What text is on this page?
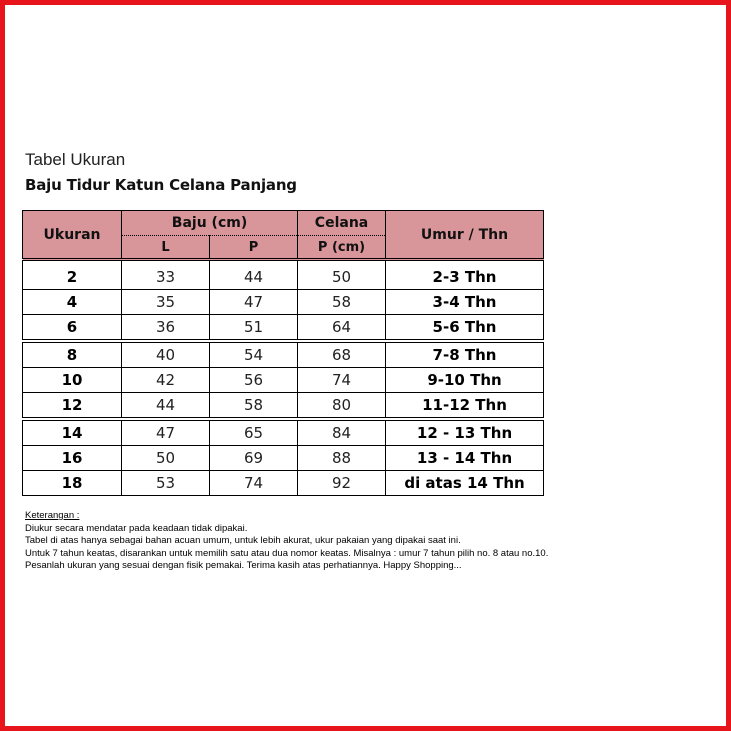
Tabel Ukuran
Baju Tidur Katun Celana Panjang
Ukuran	Baju (cm)		Celana	Umur / Thn
	L	P	P (cm)	
2	33	44	50	2-3 Thn
4	35	47	58	3-4 Thn
6	36	51	64	5-6 Thn
8	40	54	68	7-8 Thn
10	42	56	74	9-10 Thn
12	44	58	80	11-12 Thn
14	47	65	84	12 - 13 Thn
16	50	69	88	13 - 14 Thn
18	53	74	92	di atas 14 Thn
Keterangan :
Diukur secara mendatar pada keadaan tidak dipakai.
Tabel di atas hanya sebagai bahan acuan umum, untuk lebih akurat, ukur pakaian yang dipakai saat ini.
Untuk 7 tahun keatas, disarankan untuk memilih satu atau dua nomor keatas. Misalnya : umur 7 tahun pilih no. 8 atau no.10.
Pesanlah ukuran yang sesuai dengan fisik pemakai. Terima kasih atas perhatiannya. Happy Shopping...
